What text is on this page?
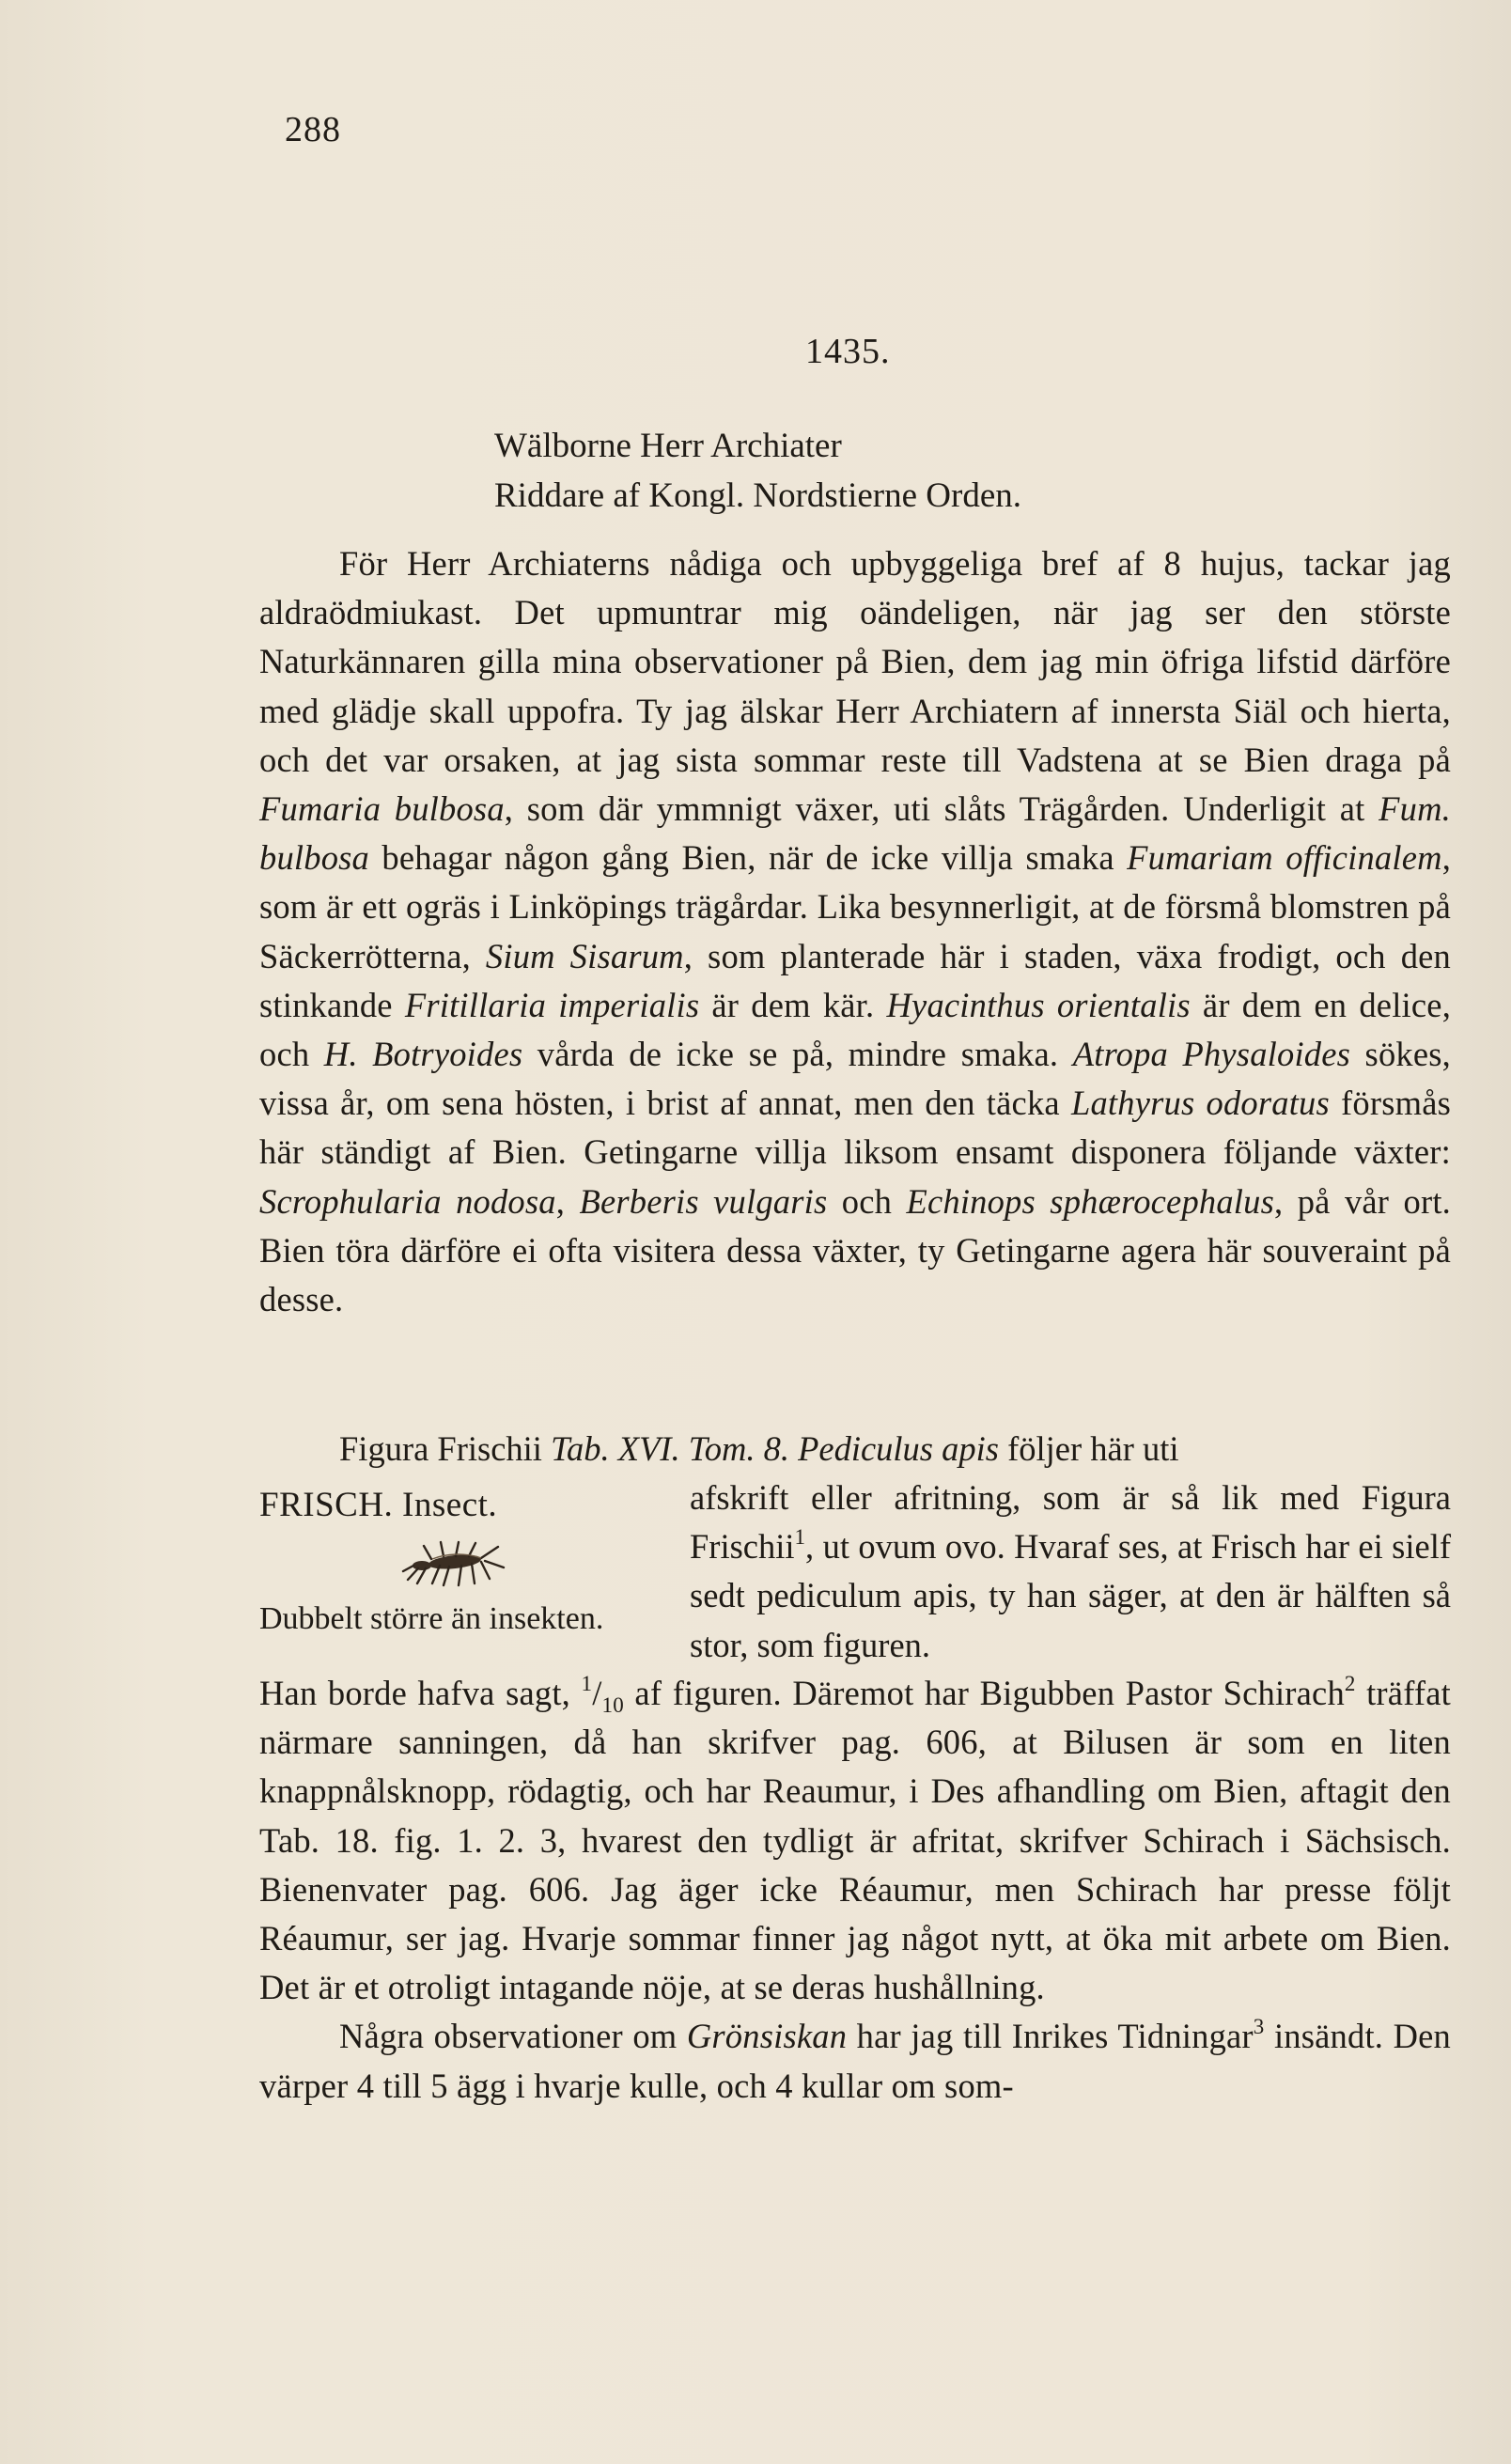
288
1435.
Wälborne Herr Archiater
Riddare af Kongl. Nordstierne Orden.

För Herr Archiaterns nådiga och upbyggeliga bref af 8 hujus, tackar jag aldraödmiukast. Det upmuntrar mig oändeligen, när jag ser den störste Naturkännaren gilla mina observationer på Bien, dem jag min öfriga lifstid därföre med glädje skall uppofra. Ty jag älskar Herr Archiatern af innersta Siäl och hierta, och det var orsaken, at jag sista sommar reste till Vadstena at se Bien draga på Fumaria bulbosa, som där ymmnigt växer, uti slåts Trägården. Underligit at Fum. bulbosa behagar någon gång Bien, när de icke villja smaka Fumariam officinalem, som är ett ogräs i Linköpings trägårdar. Lika besynnerligit, at de försmå blomstren på Säckerrötterna, Sium Sisarum, som planterade här i staden, växa frodigt, och den stinkande Fritillaria imperialis är dem kär. Hyacinthus orientalis är dem en delice, och H. Botryoides vårda de icke se på, mindre smaka. Atropa Physaloides sökes, vissa år, om sena hösten, i brist af annat, men den täcka Lathyrus odoratus försmås här ständigt af Bien. Getingarne villja liksom ensamt disponera följande växter: Scrophularia nodosa, Berberis vulgaris och Echinops sphærocephalus, på vår ort. Bien töra därföre ei ofta visitera dessa växter, ty Getingarne agera här souveraint på desse.

Figura Frischii Tab. XVI. Tom. 8. Pediculus apis följer här uti

FRISCH. Insect.
Dubbelt större än insekten.

afskrift eller afritning, som är så lik med Figura Frischii$^1$, ut ovum ovo. Hvaraf ses, at Frisch har ei sielf sedt pediculum apis, ty han säger, at den är hälften så stor, som figuren.

Han borde hafva sagt, $^1/_{10}$ af figuren. Däremot har Bigubben Pastor Schirach$^2$ träffat närmare sanningen, då han skrifver pag. 606, at Bilusen är som en liten knappnålsknopp, rödagtig, och har Reaumur, i Des afhandling om Bien, aftagit den Tab. 18. fig. 1. 2. 3, hvarest den tydligt är afritat, skrifver Schirach i Sächsisch. Bienenvater pag. 606. Jag äger icke Réaumur, men Schirach har presse följt Réaumur, ser jag. Hvarje sommar finner jag något nytt, at öka mit arbete om Bien. Det är et otroligt intagande nöje, at se deras hushållning.

Några observationer om Grönsiskan har jag till Inrikes Tidningar$^3$ insändt. Den värper 4 till 5 ägg i hvarje kulle, och 4 kullar om som-
